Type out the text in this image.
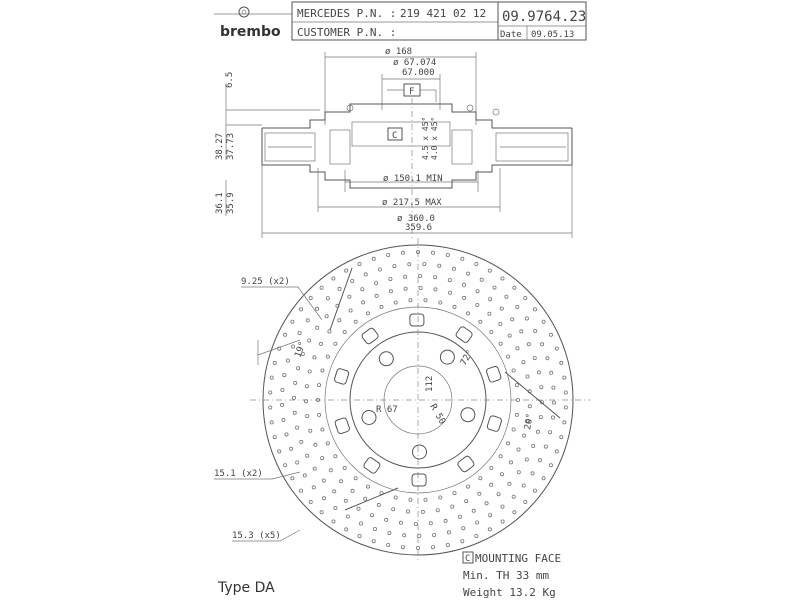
brembo
MERCEDES P.N. : 219 421 02 12
CUSTOMER P.N. :
09.9764.23
Date 09.05.13
ø 168
ø 67.074
67.000
F
6.5
38.27 37.73
36.1 35.9
C	4.5 x 45° 4.0 x 45°
ø 150.1 MIN
ø 217.5 MAX
ø 360.0
359.6
9.25 (x2)
15.1 (x2)
15.3 (x5)
19°	72°
20°
112
R 67	R 50
C MOUNTING FACE
Min. TH 33 mm
Weight 13.2 Kg
Type DA
